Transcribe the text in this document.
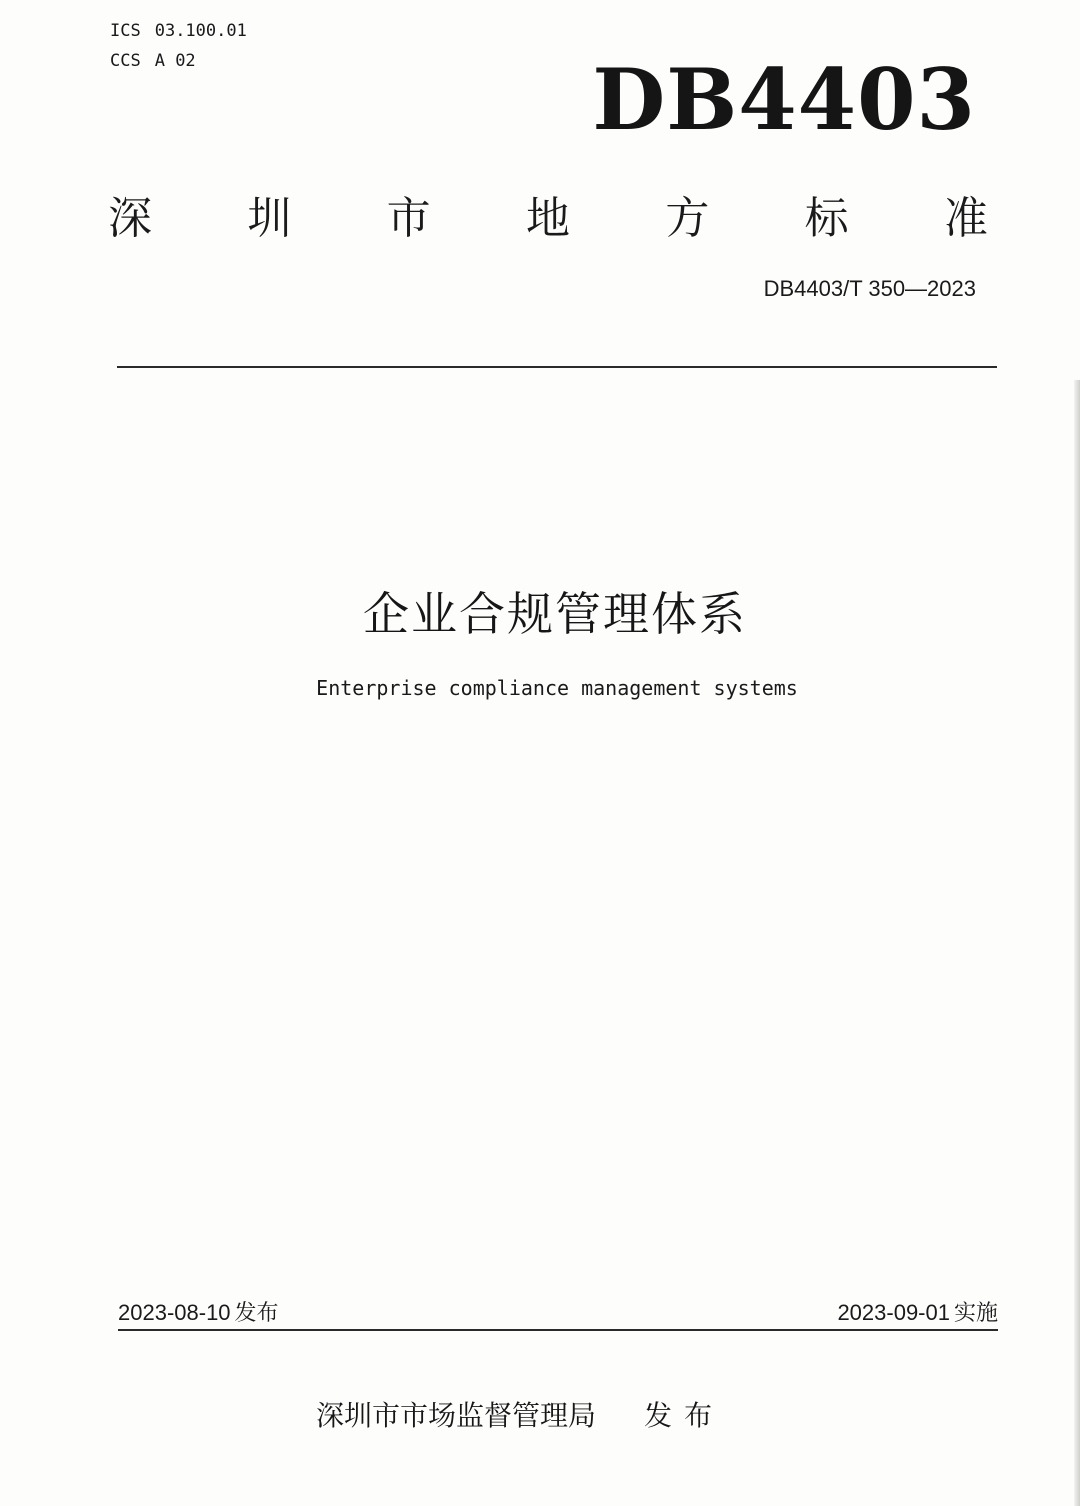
ICS 03.100.01
CCS A 02	DB4403
深 圳 市 地 方 标 准
DB4403/T 350—2023
企业合规管理体系
Enterprise compliance management systems
2023-08-10 发布	2023-09-01 实施
深圳市市场监督管理局 发布
